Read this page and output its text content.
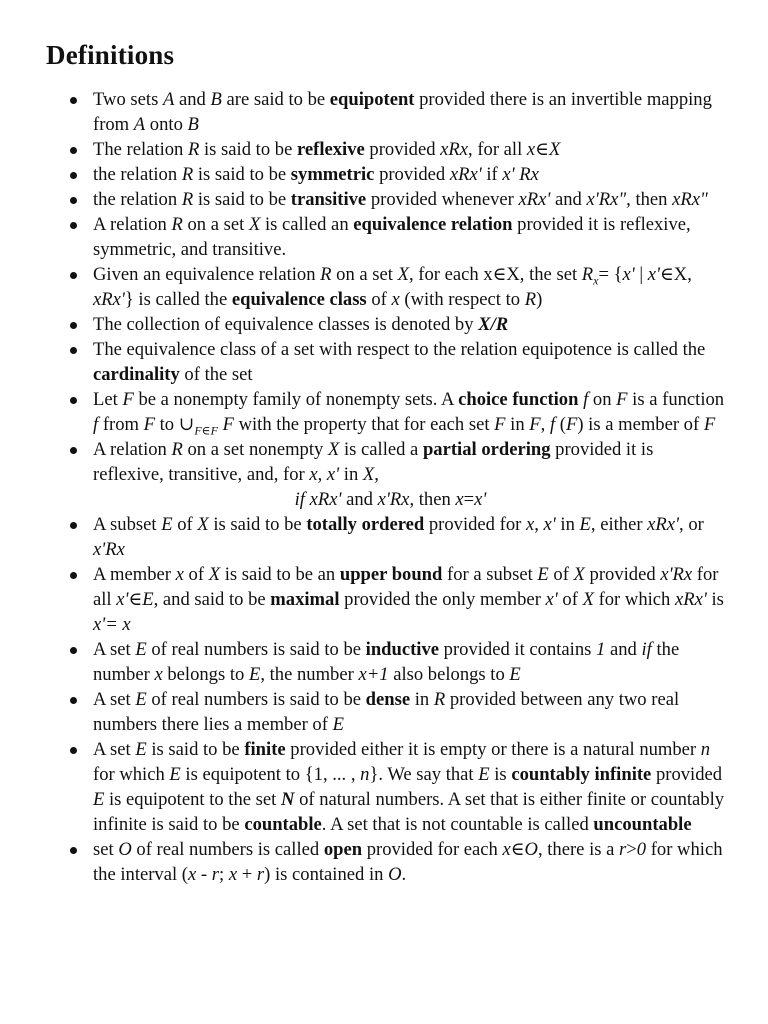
Definitions
Two sets A and B are said to be equipotent provided there is an invertible mapping from A onto B
The relation R is said to be reflexive provided xRx, for all x∈X
the relation R is said to be symmetric provided xRx' if x' Rx
the relation R is said to be transitive provided whenever xRx' and x'Rx", then xRx"
A relation R on a set X is called an equivalence relation provided it is reflexive, symmetric, and transitive.
Given an equivalence relation R on a set X, for each x∈X, the set $R_x= \{x'$ | x'∈X, xRx'} is called the equivalence class of x (with respect to R)
The collection of equivalence classes is denoted by X/R
The equivalence class of a set with respect to the relation equipotence is called the cardinality of the set
Let F be a nonempty family of nonempty sets. A choice function f on F is a function f from F to $\cup_{F\in F}$ F with the property that for each set F in F, f (F) is a member of F
A relation R on a set nonempty X is called a partial ordering provided it is reflexive, transitive, and, for x, x' in X,
if xRx' and x'Rx, then x=x'
A subset E of X is said to be totally ordered provided for x, x' in E, either xRx', or x'Rx
A member x of X is said to be an upper bound for a subset E of X provided x'Rx for all x'∈E, and said to be maximal provided the only member x' of X for which xRx' is x'= x
A set E of real numbers is said to be inductive provided it contains 1 and if the number x belongs to E, the number x+1 also belongs to E
A set E of real numbers is said to be dense in R provided between any two real numbers there lies a member of E
A set E is said to be finite provided either it is empty or there is a natural number n for which E is equipotent to {1, ... , n}. We say that E is countably infinite provided E is equipotent to the set N of natural numbers. A set that is either finite or countably infinite is said to be countable. A set that is not countable is called uncountable
set O of real numbers is called open provided for each x∈O, there is a r>0 for which the interval (x - r; x + r) is contained in O.
